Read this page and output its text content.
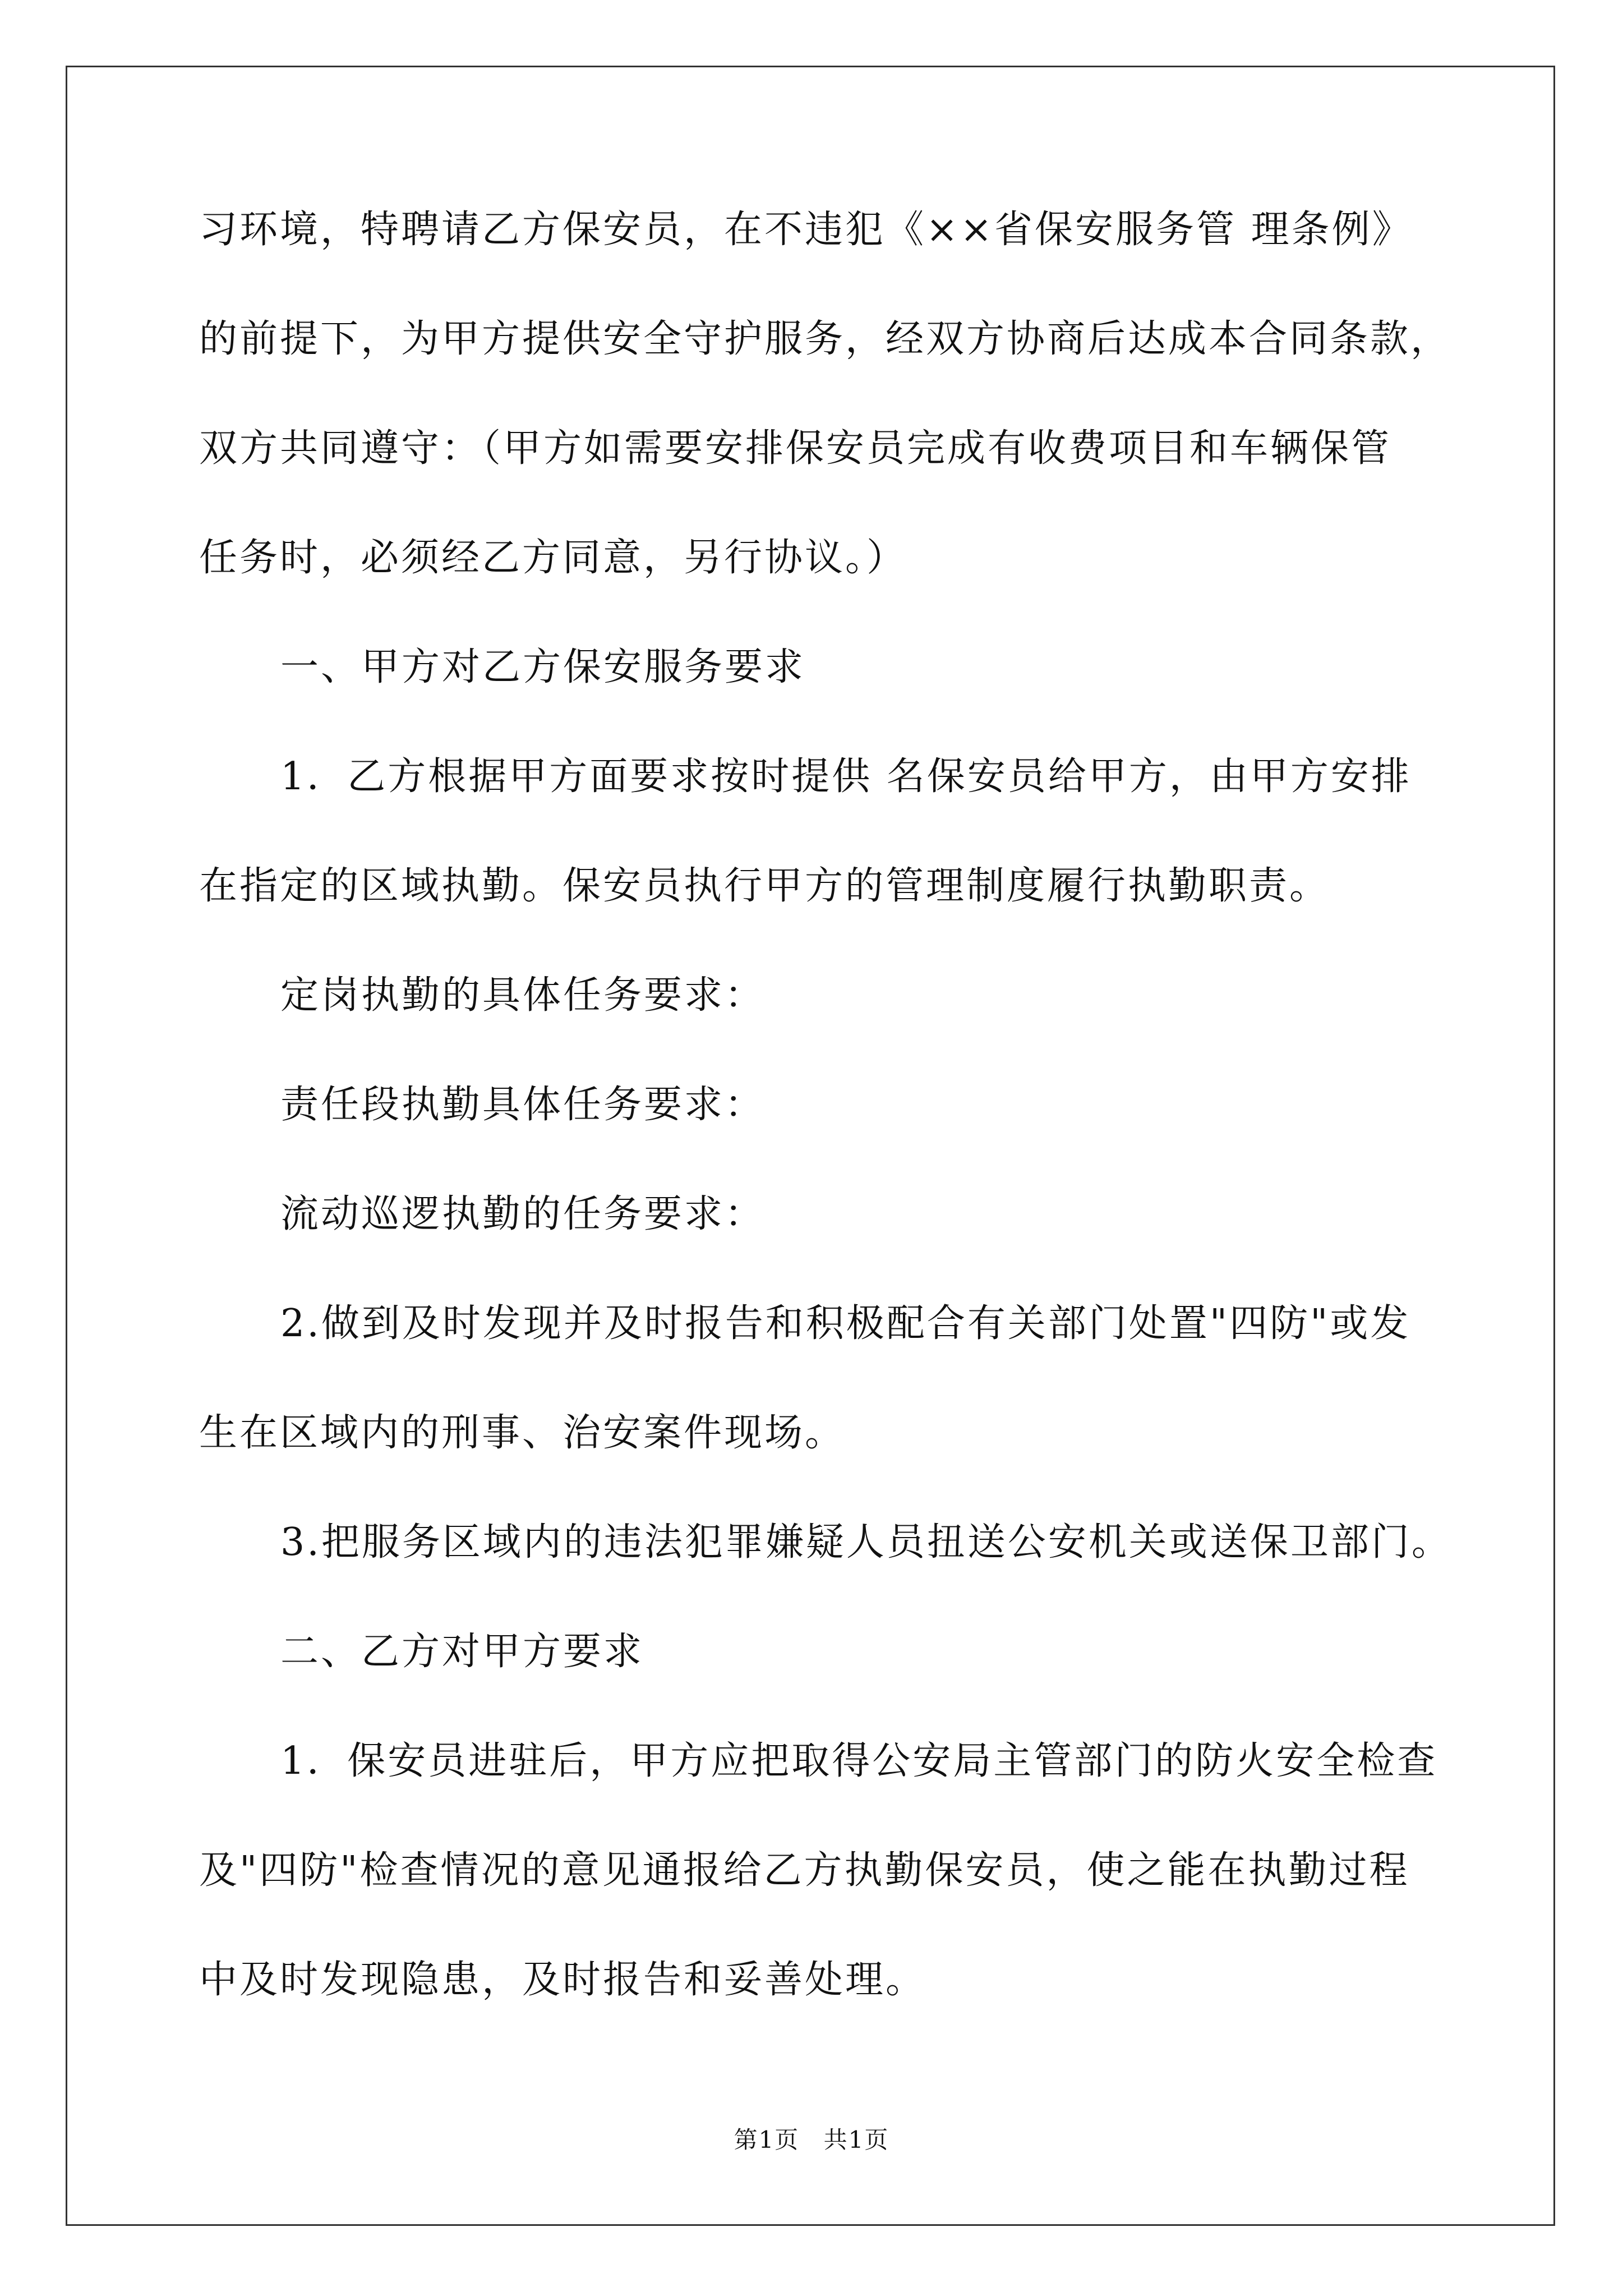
习环境，特聘请乙方保安员，在不违犯《××省保安服务管 理条例》
的前提下，为甲方提供安全守护服务，经双方协商后达成本合同条款，
双方共同遵守：（甲方如需要安排保安员完成有收费项目和车辆保管
任务时，必须经乙方同意，另行协议。）
一、甲方对乙方保安服务要求
1．乙方根据甲方面要求按时提供 名保安员给甲方，由甲方安排
在指定的区域执勤。保安员执行甲方的管理制度履行执勤职责。
定岗执勤的具体任务要求：
责任段执勤具体任务要求：
流动巡逻执勤的任务要求：
2.做到及时发现并及时报告和积极配合有关部门处置"四防"或发
生在区域内的刑事、治安案件现场。
3.把服务区域内的违法犯罪嫌疑人员扭送公安机关或送保卫部门。
二、乙方对甲方要求
1．保安员进驻后，甲方应把取得公安局主管部门的防火安全检查
及"四防"检查情况的意见通报给乙方执勤保安员，使之能在执勤过程
中及时发现隐患，及时报告和妥善处理。
第1页 共1页
